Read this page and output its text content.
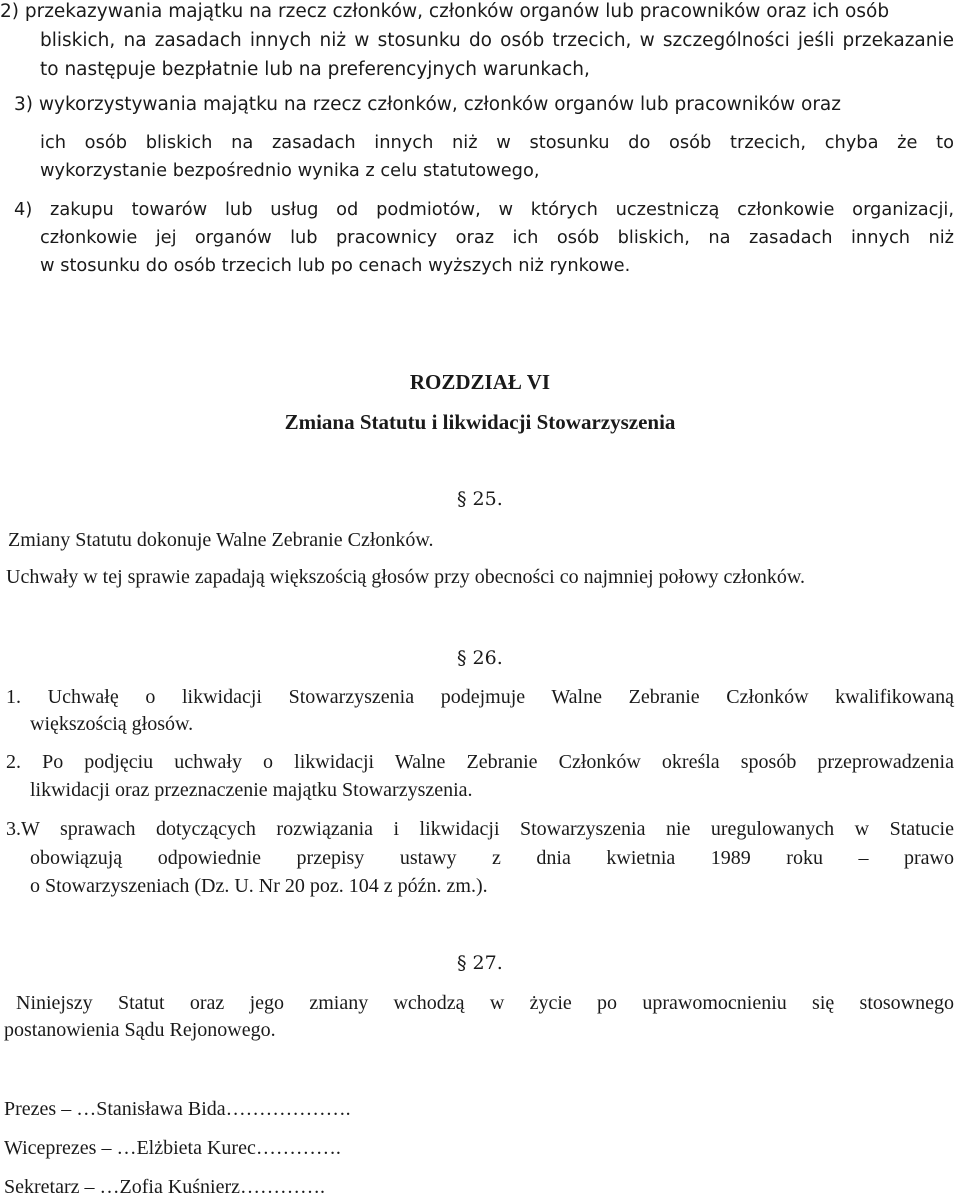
2) przekazywania majątku na rzecz członków, członków organów lub pracowników oraz ich osób
bliskich, na zasadach innych niż w stosunku do osób trzecich, w szczególności jeśli przekazanie
to następuje bezpłatnie lub na preferencyjnych warunkach,
3) wykorzystywania majątku na rzecz członków, członków organów lub pracowników oraz
ich osób bliskich na zasadach innych niż w stosunku do osób trzecich, chyba że to
wykorzystanie bezpośrednio wynika z celu statutowego,
4) zakupu towarów lub usług od podmiotów, w których uczestniczą członkowie organizacji,
członkowie jej organów lub pracownicy oraz ich osób bliskich, na zasadach innych niż
w stosunku do osób trzecich lub po cenach wyższych niż rynkowe.
ROZDZIAŁ VI
Zmiana Statutu i likwidacji Stowarzyszenia
§ 25.
Zmiany Statutu dokonuje Walne Zebranie Członków.
Uchwały w tej sprawie zapadają większością głosów przy obecności co najmniej połowy członków.
§ 26.
1. Uchwałę o likwidacji Stowarzyszenia podejmuje Walne Zebranie Członków kwalifikowaną
większością głosów.
2. Po podjęciu uchwały o likwidacji Walne Zebranie Członków określa sposób przeprowadzenia
likwidacji oraz przeznaczenie majątku Stowarzyszenia.
3.W sprawach dotyczących rozwiązania i likwidacji Stowarzyszenia nie uregulowanych w Statucie
obowiązują odpowiednie przepisy ustawy z dnia kwietnia 1989 roku – prawo
o Stowarzyszeniach (Dz. U. Nr 20 poz. 104 z późn. zm.).
§ 27.
Niniejszy Statut oraz jego zmiany wchodzą w życie po uprawomocnieniu się stosownego
postanowienia Sądu Rejonowego.
Prezes – …Stanisława Bida……………….
Wiceprezes – …Elżbieta Kurec………….
Sekretarz – …Zofia Kuśnierz………….
